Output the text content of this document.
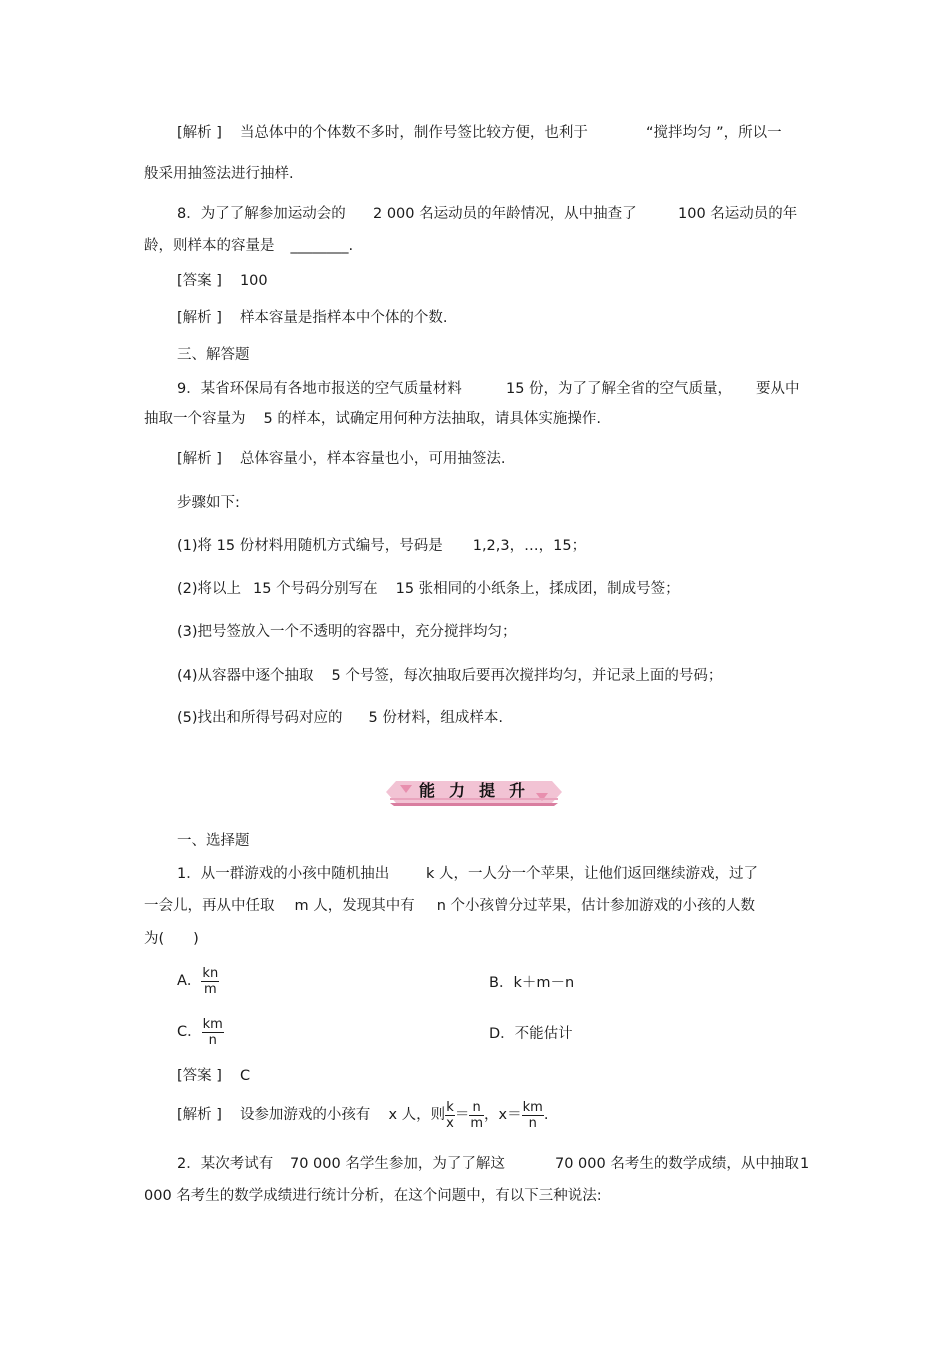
[解析 ] 当总体中的个体数不多时，制作号签比较方便，也利于	“搅拌均匀 ”，所以一
般采用抽签法进行抽样.
8．为了了解参加运动会的 2 000 名运动员的年龄情况，从中抽查了	100 名运动员的年
龄，则样本的容量是 ________.
[答案 ] 100
[解析 ] 样本容量是指样本中个体的个数.
三、解答题
9．某省环保局有各地市报送的空气质量材料	15 份，为了了解全省的空气质量， 要从中
抽取一个容量为 5 的样本，试确定用何种方法抽取，请具体实施操作.
[解析 ] 总体容量小，样本容量也小，可用抽签法.
步骤如下:
(1)将 15 份材料用随机方式编号，号码是 1,2,3，…，15；
(2)将以上 15 个号码分别写在 15 张相同的小纸条上，揉成团，制成号签；
(3)把号签放入一个不透明的容器中，充分搅拌均匀；
(4)从容器中逐个抽取 5 个号签，每次抽取后要再次搅拌均匀，并记录上面的号码；
(5)找出和所得号码对应的 5 份材料，组成样本.
能力提升
一、选择题
1．从一群游戏的小孩中随机抽出	k 人，一人分一个苹果，让他们返回继续游戏，过了
一会儿，再从中任取 m 人，发现其中有 n 个小孩曾分过苹果，估计参加游戏的小孩的人数
为(　　)
A． $\frac{kn}{m}$	B．k＋m－n
C． $\frac{km}{n}$	D．不能估计
[答案 ] C
[解析 ] 设参加游戏的小孩有 x 人，则 $\frac{k}{x} = \frac{n}{m}$ ，$x= \frac{km}{n}$ .
2．某次考试有 70 000 名学生参加，为了了解这	70 000 名考生的数学成绩，从中抽取 1
000 名考生的数学成绩进行统计分析，在这个问题中，有以下三种说法:
